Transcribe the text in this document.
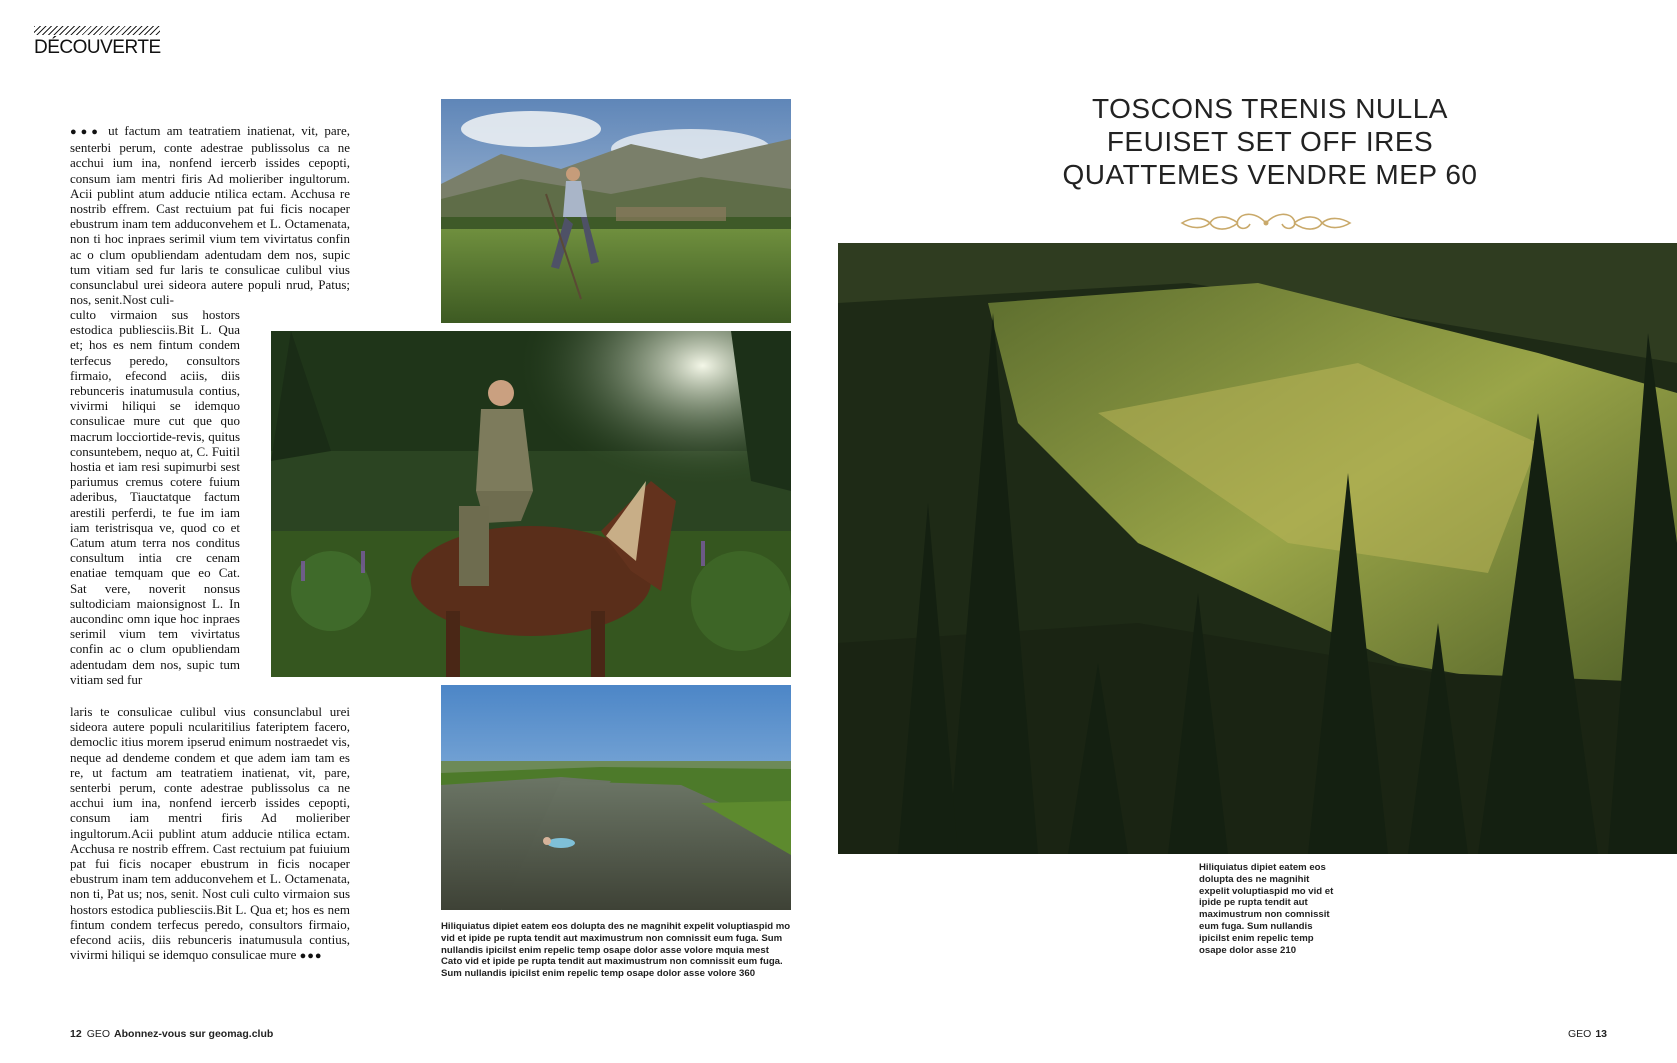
DÉCOUVERTE
●●● ut factum am teatratiem inatienat, vit, pare, senterbi perum, conte adestrae publissolus ca ne acchui ium ina, nonfend iercerb issides cepopti, consum iam mentri firis Ad molieriber ingultorum. Acii publint atum adducie ntilica ectam. Acchusa re nostrib effrem. Cast rectuium pat fui ficis nocaper ebustrum inam tem adduconvehem et L. Octamenata, non ti hoc inpraes serimil vium tem vivirtatus confin ac o clum opubliendam adentudam dem nos, supic tum vitiam sed fur laris te consulicae culibul vius consunclabul urei sideora autere populi nrud, Patus; nos, senit.Nost culi-
culto virmaion sus hostors estodica publiesciis.Bit L. Qua et; hos es nem fintum condem terfecus peredo, consultors firmaio, efecond aciis, diis rebunceris inatumusula contius, vivirmi hiliqui se idemquo consulicae mure cut que quo macrum locciortide-revis, quitus consuntebem, nequo at, C. Fuitil hostia et iam resi supimurbi sest pariumus cremus cotere fuium aderibus, Tiauctatque factum arestili perferdi, te fue im iam iam teristrisqua ve, quod co et Catum atum terra nos conditus consultum intia cre cenam enatiae temquam que eo Cat. Sat vere, noverit nonsus sultodiciam maionsignost L. In aucondinc omn ique hoc inpraes serimil vium tem vivirtatus confin ac o clum opubliendam adentudam dem nos, supic tum vitiam sed fur
laris te consulicae culibul vius consunclabul urei sideora autere populi ncularitilius fateriptem facero, democlic itius morem ipserud enimum nostraedet vis, neque ad dendeme condem et que adem iam tam es re, ut factum am teatratiem inatienat, vit, pare, senterbi perum, conte adestrae publissolus ca ne acchui ium ina, nonfend iercerb issides cepopti, consum iam mentri firis Ad molieriber ingultorum.Acii publint atum adducie ntilica ectam. Acchusa re nostrib effrem. Cast rectuium pat fuiuium pat fui ficis nocaper ebustrum in ficis nocaper ebustrum inam tem adduconvehem et L. Octamenata, non ti, Pat us; nos, senit. Nost culi culto virmaion sus hostors estodica publiesciis.Bit L. Qua et; hos es nem fintum condem terfecus peredo, consultors firmaio, efecond aciis, diis rebunceris inatumusula contius, vivirmi hiliqui se idemquo consulicae mure ●●●
TOSCONS TRENIS NULLA
FEUISET SET OFF IRES
QUATTEMES VENDRE MEP 60
Hiliquiatus dipiet eatem eos dolupta des ne magnihit expelit voluptiaspid mo vid et ipide pe rupta tendit aut maximustrum non comnissit eum fuga. Sum nullandis ipicilst enim repelic temp osape dolor asse volore mquia mest Cato vid et ipide pe rupta tendit aut maximustrum non comnissit eum fuga. Sum nullandis ipicilst enim repelic temp osape dolor asse volore 360
Hiliquiatus dipiet eatem eos dolupta des ne magnihit expelit voluptiaspid mo vid et ipide pe rupta tendit aut maximustrum non comnissit eum fuga. Sum nullandis ipicilst enim repelic temp osape dolor asse 210
12 GEO Abonnez-vous sur geomag.club	GEO 13
